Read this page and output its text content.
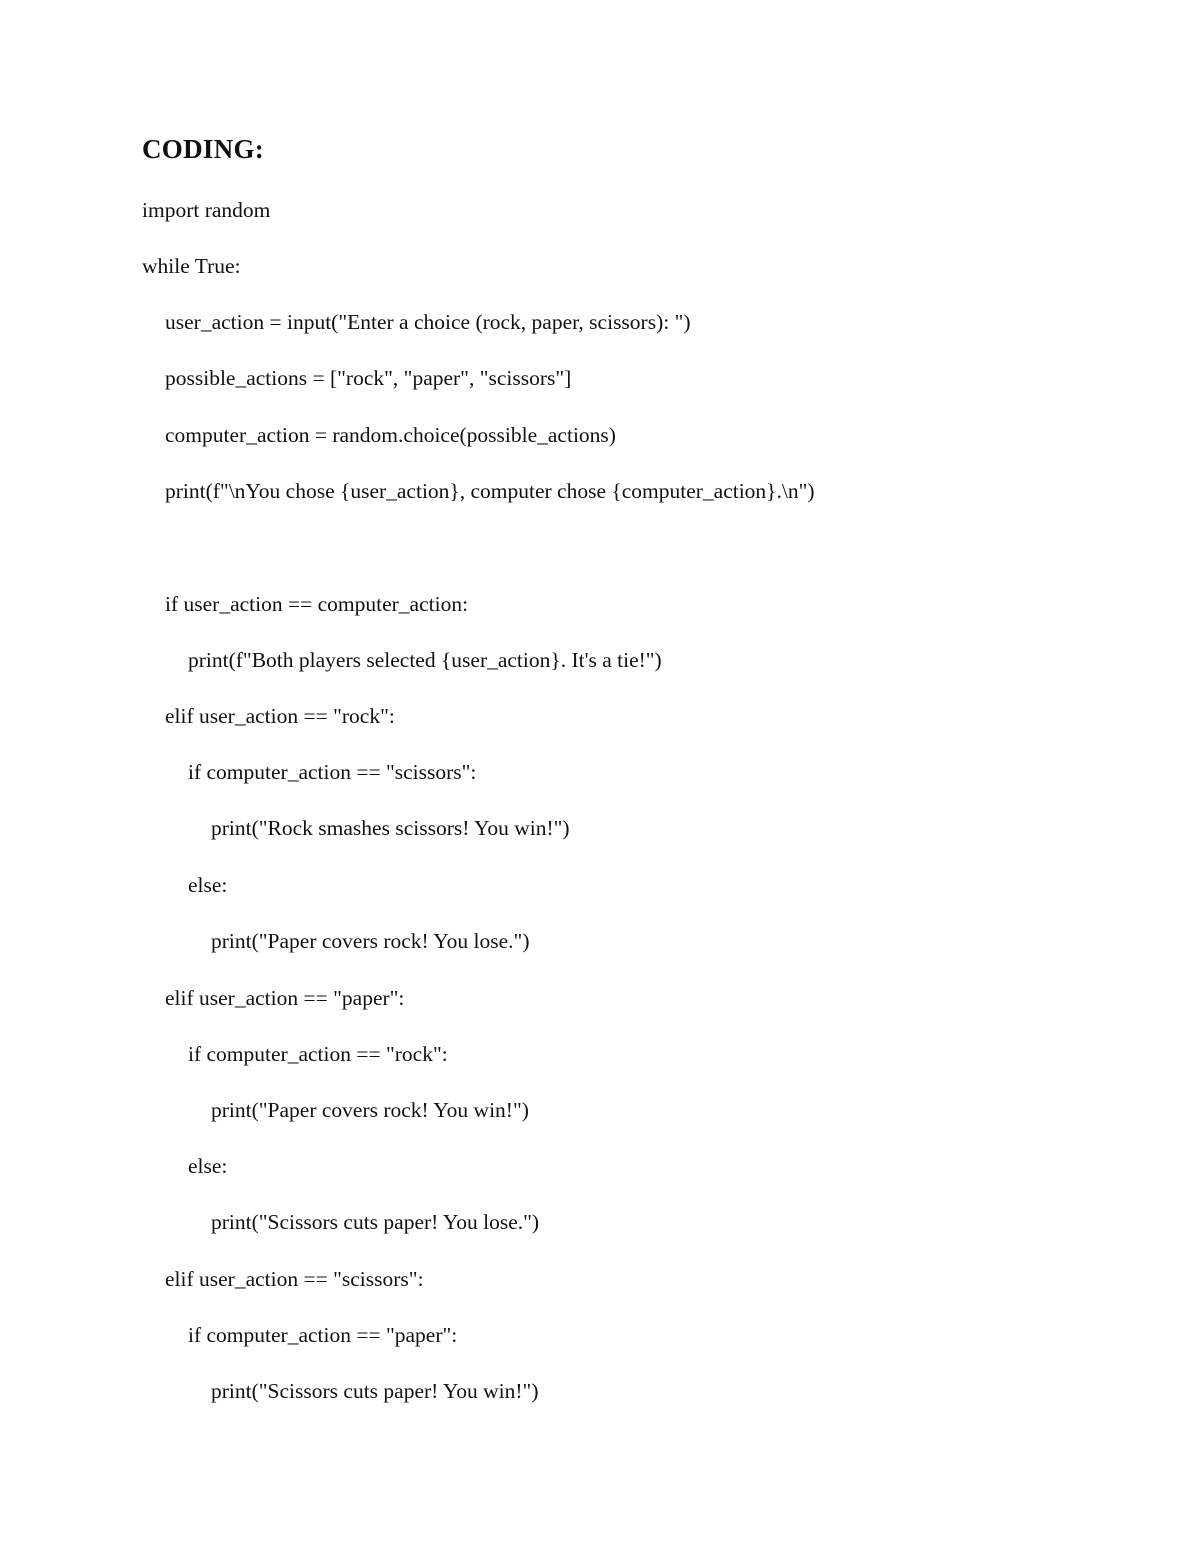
CODING:
import random
while True:
user_action = input("Enter a choice (rock, paper, scissors): ")
possible_actions = ["rock", "paper", "scissors"]
computer_action = random.choice(possible_actions)
print(f"\nYou chose {user_action}, computer chose {computer_action}.\n")
if user_action == computer_action:
print(f"Both players selected {user_action}. It's a tie!")
elif user_action == "rock":
if computer_action == "scissors":
print("Rock smashes scissors! You win!")
else:
print("Paper covers rock! You lose.")
elif user_action == "paper":
if computer_action == "rock":
print("Paper covers rock! You win!")
else:
print("Scissors cuts paper! You lose.")
elif user_action == "scissors":
if computer_action == "paper":
print("Scissors cuts paper! You win!")
